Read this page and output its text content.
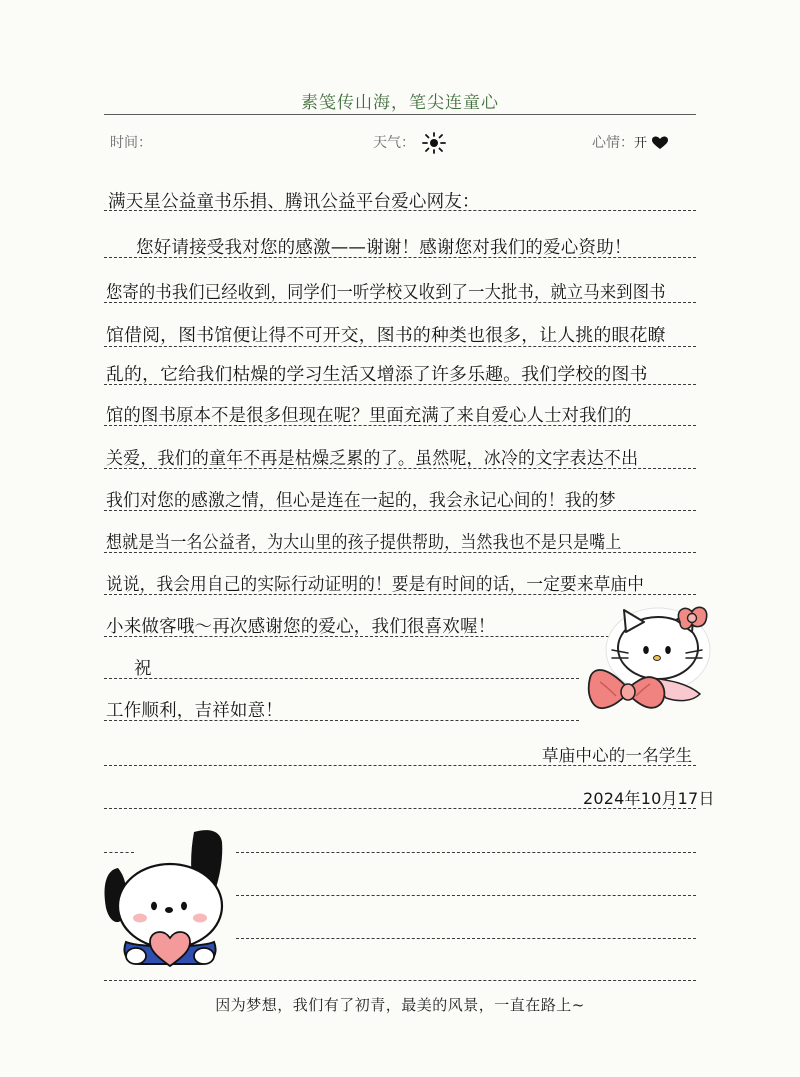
素笺传山海，笔尖连童心
时间：	天气：	心情：开
满天星公益童书乐捐、腾讯公益平台爱心网友：
您好请接受我对您的感激——谢谢！感谢您对我们的爱心资助！
您寄的书我们已经收到，同学们一听学校又收到了一大批书，就立马来到图书
馆借阅，图书馆便让得不可开交，图书的种类也很多，让人挑的眼花瞭
乱的，它给我们枯燥的学习生活又增添了许多乐趣。我们学校的图书
馆的图书原本不是很多但现在呢？里面充满了来自爱心人士对我们的
关爱，我们的童年不再是枯燥乏累的了。虽然呢，冰冷的文字表达不出
我们对您的感激之情，但心是连在一起的，我会永记心间的！我的梦
想就是当一名公益者，为大山里的孩子提供帮助，当然我也不是只是嘴上
说说，我会用自己的实际行动证明的！要是有时间的话，一定要来草庙中
小来做客哦～再次感谢您的爱心，我们很喜欢喔！
祝
工作顺利，吉祥如意！
草庙中心的一名学生
2024年10月17日
因为梦想，我们有了初青，最美的风景，一直在路上~
